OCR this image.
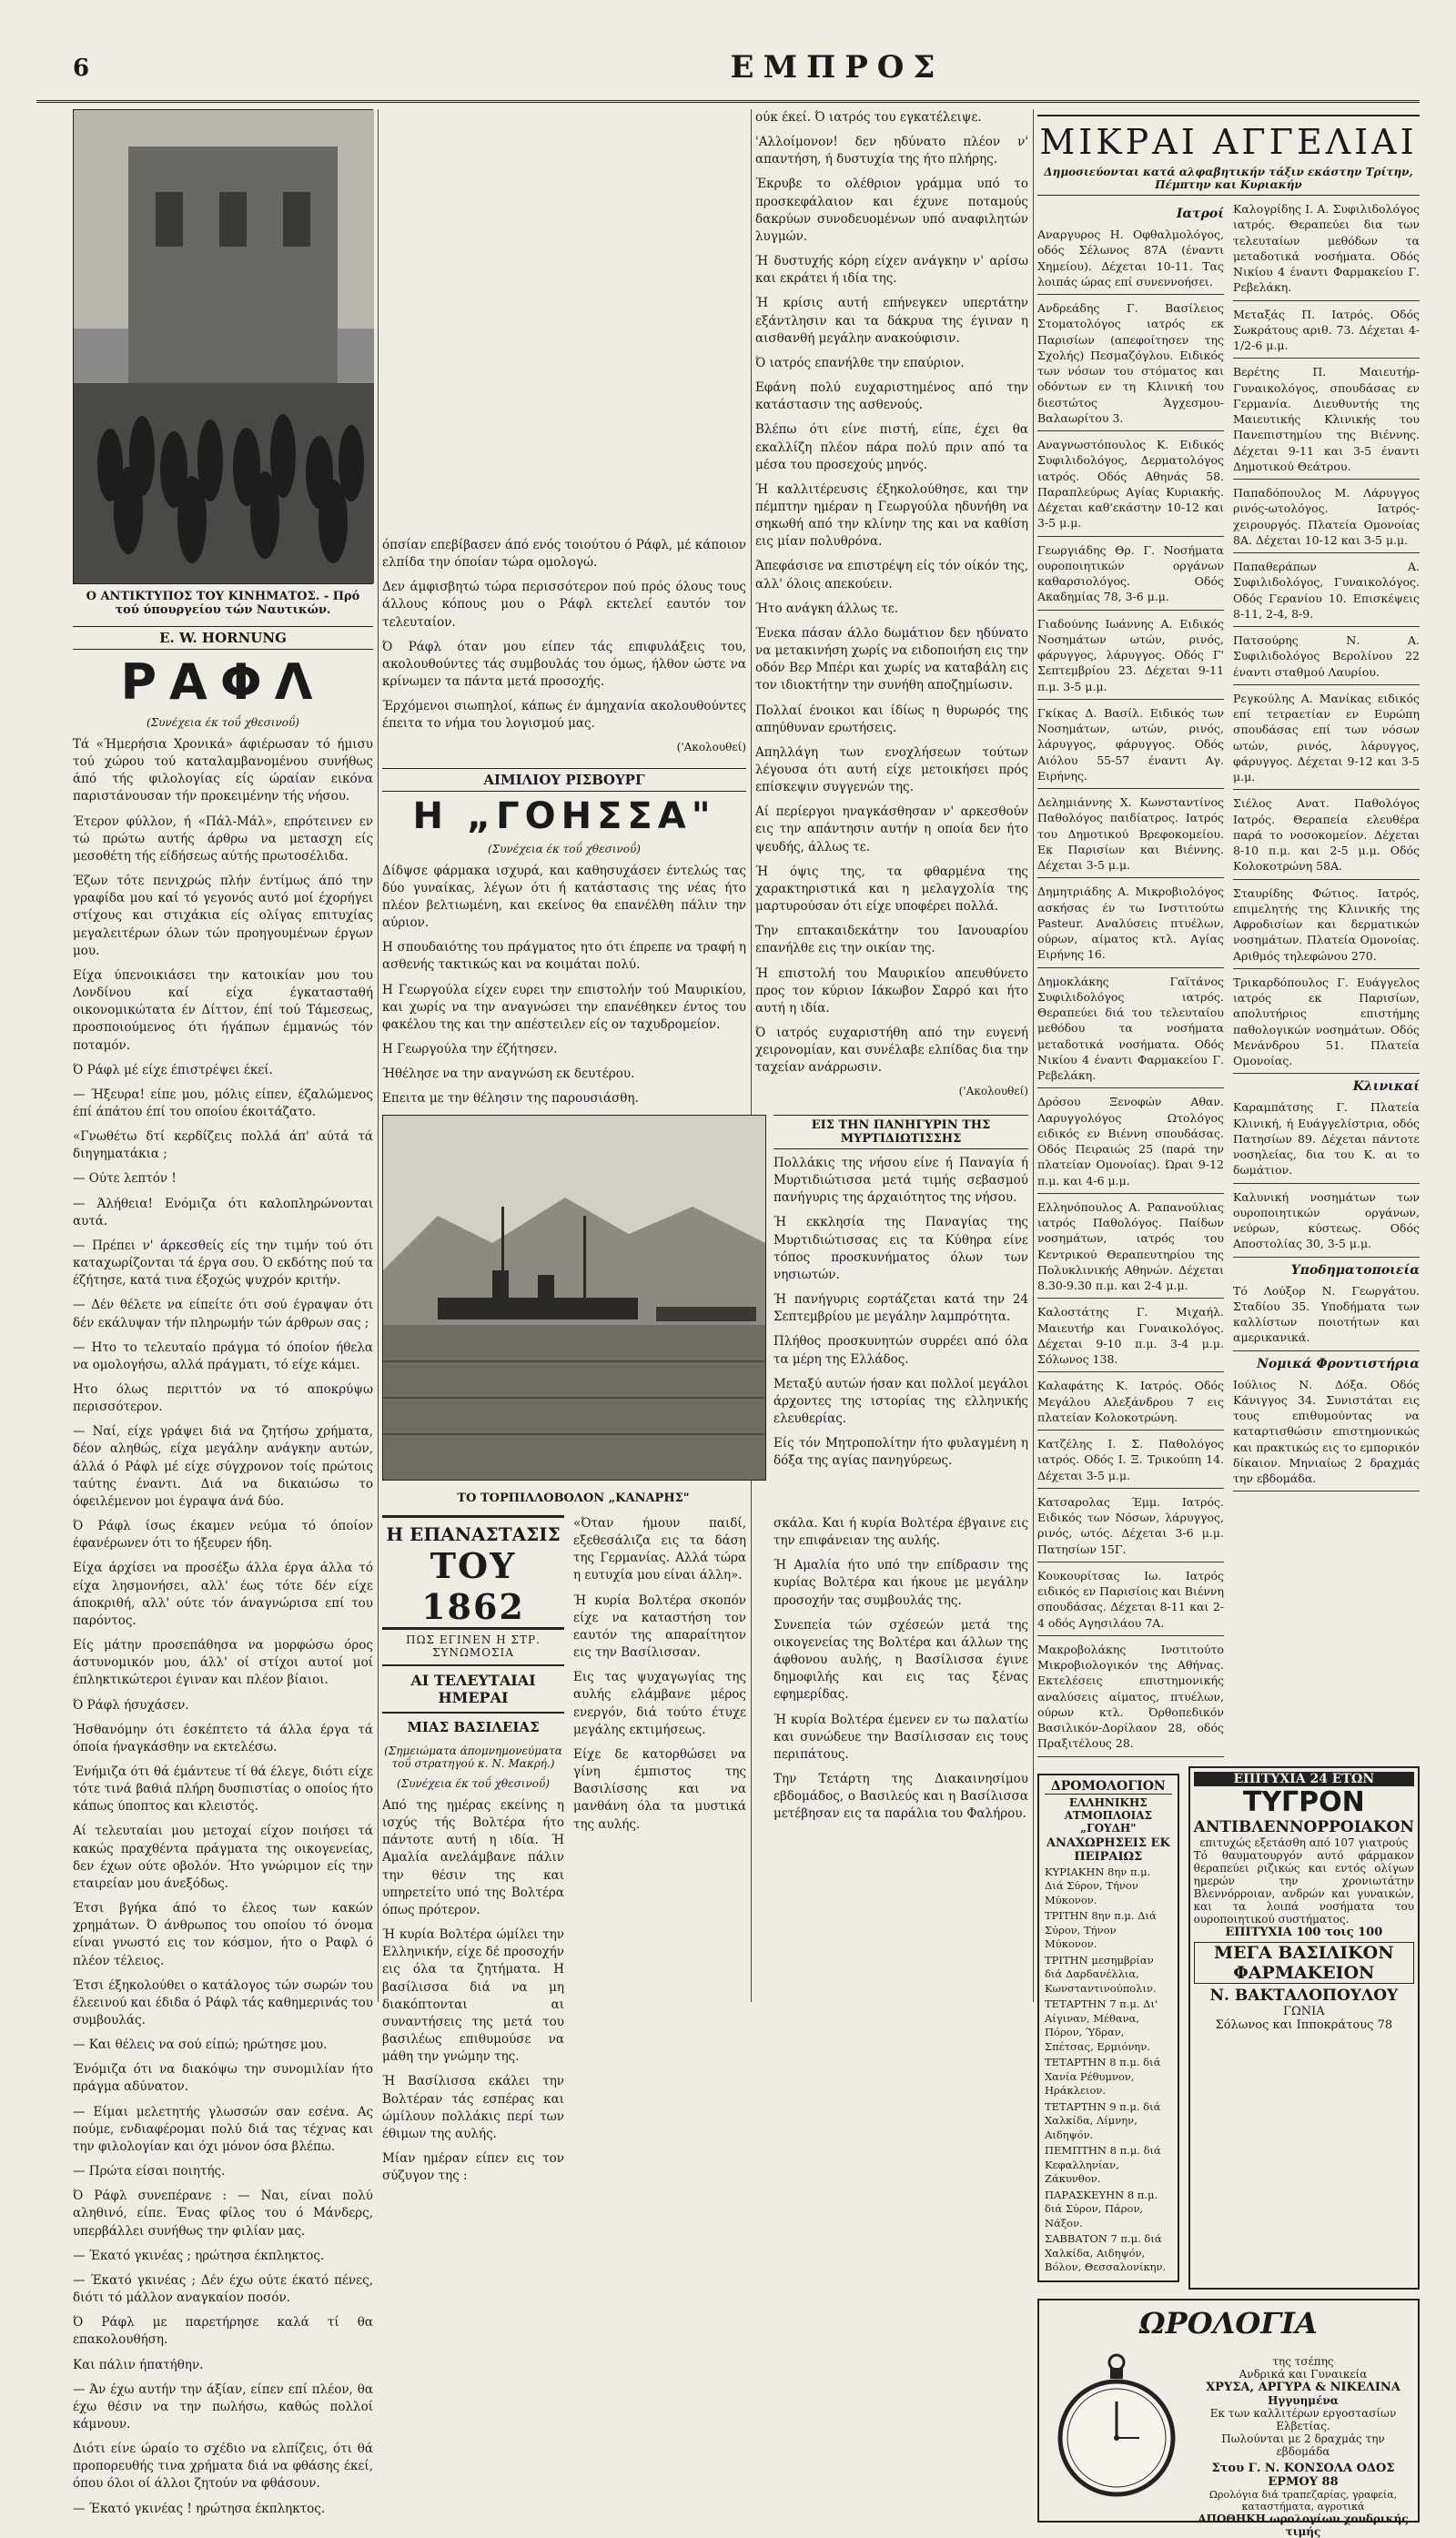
6	ΕΜΠΡΟΣ
Ο ΑΝΤΙΚΤΥΠΟΣ ΤΟΥ ΚΙΝΗΜΑΤΟΣ. - Πρό τού ύπουργείου τών Ναυτικών.
E. W. HORNUNG
ΡΑΦΛ
(Συνέχεια έκ τοΰ χθεσινοΰ)

Τά «Ήμερήσια Χρονικά» άφιέρωσαν τό ήμισυ τού χώρου τού καταλαμβανομένου συνήθως άπό τής φιλολογίας είς ώραίαν εικόνα παριστάνουσαν τήν προκειμένην τής νήσου.

Έτερον φύλλον, ή «Πάλ-Μάλ», επρότεινεν εν τώ πρώτω αυτής άρθρω να μετασχη είς μεσοθέτη τής είδήσεως αύτής πρωτοσέλιδα.

Έζων τότε πενιχρώς πλήν έντίμως άπό την γραφίδα μου καί τό γεγονός αυτό μοί έχορήγει στίχους και στιχάκια είς ολίγας επιτυχίας μεγαλειτέρων όλων τών προηγουμένων έργων μου.

Είχα ύπενοικιάσει την κατοικίαν μου του Λονδίνου καί είχα έγκατασταθή οικονομικώτατα έν Δίττον, έπί τού Τάμεσεως, προσποιούμενος ότι ήγάπων έμμανώς τόν ποταμόν.

Ό Ράφλ μέ είχε έπιστρέψει έκεί.

— Ήξευρα! είπε μου, μόλις είπεν, έζαλώμενος έπί άπάτου έπί του οποίου έκοιτάζατο.

«Γνωθέτω δτί κερδίζεις πολλά άπ' αύτά τά διηγηματάκια ;

— Ούτε λεπτόν !

— Άλήθεια! Ενόμιζα ότι καλοπληρώνονται αυτά.

— Πρέπει ν' άρκεσθείς είς την τιμήν τού ότι καταχωρίζονται τά έργα σου. Ό εκδότης πού τα έζήτησε, κατά τινα έξοχώς ψυχρόν κριτήν.

— Δέν θέλετε να είπείτε ότι σού έγραψαν ότι δέν εκάλυψαν τήν πληρωμήν τών άρθρων σας ;

— Ητο το τελευταίο πράγμα τό όποίον ήθελα να ομολογήσω, αλλά πράγματι, τό είχε κάμει.

Ητο όλως περιττόν να τό αποκρύψω περισσότερον.

— Ναί, είχε γράψει διά να ζητήσω χρήματα, δέον αληθώς, είχα μεγάλην ανάγκην αυτών, άλλά ό Ράφλ μέ είχε σύγχρονον τοίς πρώτοις ταύτης έναντι. Διά να δικαιώσω το όφειλέμενον μοι έγραψα άνά δύο.

Ό Ράφλ ίσως έκαμεν νεύμα τό όποίον έφανέρωνεν ότι το ήξευρεν ήδη.

Είχα άρχίσει να προσέξω άλλα έργα άλλα τό είχα λησμονήσει, αλλ' έως τότε δέν είχε άποκριθή, αλλ' ούτε τόν άναγνώρισα επί του παρόντος.

Είς μάτην προσεπάθησα να μορφώσω όρος άστυνομικόν μου, άλλ' οί στίχοι αυτοί μοί έπληκτικώτεροι έγιναν και πλέον βίαιοι.

Ό Ράφλ ήσυχάσεν.

Ήσθανόμην ότι έσκέπτετο τά άλλα έργα τά όποία ήναγκάσθην να εκτελέσω.

Ένήμιζα ότι θά έμάντευε τί θά έλεγε, διότι είχε τότε τινά βαθιά πλήρη δυσπιστίας ο οποίος ήτο κάπως ύποπτος και κλειστός.

Αί τελευταίαι μου μετοχαί είχον ποιήσει τά κακώς πραχθέντα πράγματα της οικογενείας, δεν έχων ούτε οβολόν. Ήτο γνώριμον είς την εταιρείαν μου άνεξόδως.

Έτσι βγήκα άπό το έλεος των κακών χρημάτων. Ό άνθρωπος του οποίου τό όνομα είναι γνωστό εις τον κόσμον, ήτο ο Ραφλ ό πλέον τέλειος.

Έτσι έξηκολούθει ο κατάλογος τών σωρών του έλεεινού και έδιδα ό Ράφλ τάς καθημερινάς του συμβουλάς.

— Και θέλεις να σού είπώ; ηρώτησε μου.

Ένόμιζα ότι να διακόψω την συνομιλίαν ήτο πράγμα αδύνατον.

— Είμαι μελετητής γλωσσών σαν εσένα. Ας πούμε, ενδιαφέρομαι πολύ διά τας τέχνας και την φιλολογίαν και όχι μόνον όσα βλέπω.

— Πρώτα είσαι ποιητής.

Ό Ράφλ συνεπέρανε : — Ναι, είναι πολύ αληθινό, είπε. Ένας φίλος του ό Μάνδερς, υπερβάλλει συνήθως την φιλίαν μας.

— Έκατό γκινέας ; ηρώτησα έκπληκτος.

— Έκατό γκινέας ; Δέν έχω ούτε έκατό πένες, διότι τό μάλλον αναγκαίον ποσόν.

Ό Ράφλ με παρετήρησε καλά τί θα επακολουθήση.

Και πάλιν ήπατήθην.

— Άν έχω αυτήν την άξίαν, είπεν επί πλέον, θα έχω θέσιν να την πωλήσω, καθώς πολλοί κάμνουν.

Διότι είνε ώραίο το σχέδιο να ελπίζεις, ότι θά προπορευθής τινα χρήματα διά να φθάσης έκεί, όπου όλοι οί άλλοι ζητούν να φθάσουν.

— Έκατό γκινέας ! ηρώτησα έκπληκτος.

όπσίαν επεβίβασεν άπό ενός τοιούτου ό Ράφλ, μέ κάποιον ελπίδα την όποίαν τώρα ομολογώ.

Δεν άμφισβητώ τώρα περισσότερον πού πρός όλους τους άλλους κόπους μου ο Ράφλ εκτελεί εαυτόν τον τελευταίον.

Ό Ράφλ όταν μου είπεν τάς επιφυλάξεις του, ακολουθούντες τάς συμβουλάς του όμως, ήλθον ώστε να κρίνωμεν τα πάντα μετά προσοχής.

Έρχόμενοι σιωπηλοί, κάπως έν άμηχανία ακολουθούντες έπειτα το νήμα του λογισμού μας.

('Ακολουθεί)
ΑΙΜΙΛΙΟΥ ΡΙΣΒΟΥΡΓ
Η „ΓΟΗΣΣΑ"
(Συνέχεια έκ τοΰ χθεσινοΰ)

Δίδψσε φάρμακα ισχυρά, και καθησυχάσεν έντελώς τας δύο γυναίκας, λέγων ότι ή κατάστασις της νέας ήτο πλέον βελτιωμένη, και εκείνος θα επανέλθη πάλιν την αύριον.

Η σπουδαιότης του πράγματος ητο ότι έπρεπε να τραφή η ασθενής τακτικώς και να κοιμάται πολύ.

Η Γεωργούλα είχεν ευρει την επιστολήν τού Μαυρικίου, και χωρίς να την αναγνώσει την επανέθηκεν έντος του φακέλου της και την απέστειλεν είς ον ταχυδρομείον.

Η Γεωργούλα την έζήτησεν.

Ήθέλησε να την αναγνώση εκ δευτέρου.

Επειτα με την θέλησιν της παρουσιάσθη.

ΤΟ ΤΟΡΠΙΛΛΟΒΟΛΟΝ „ΚΑΝΑΡΗΣ"
Η ΕΠΑΝΑΣΤΑΣΙΣ
ΤΟΥ 1862
ΠΩΣ ΕΓΙΝΕΝ Η ΣΤΡ. ΣΥΝΩΜΟΣΙΑ
ΑΙ ΤΕΛΕΥΤΑΙΑΙ ΗΜΕΡΑΙ
ΜΙΑΣ ΒΑΣΙΛΕΙΑΣ
(Σημειώματα άπομνημονεύματα τοΰ στρατηγού κ. Ν. Μακρή.)
(Συνέχεια έκ τοΰ χθεσινοΰ)

Από της ημέρας εκείνης η ισχύς τής Βολτέρα ήτο πάντοτε αυτή η ιδία. Ή Αμαλία ανελάμβανε πάλιν την θέσιν της και υπηρετείτο υπό της Βολτέρα όπως πρότερον.

Ή κυρία Βολτέρα ώμίλει την Ελληνικήν, είχε δέ προσοχήν εις όλα τα ζητήματα. Η βασίλισσα διά να μη διακόπτονται αι συναντήσεις της μετά του βασιλέως επιθυμούσε να μάθη την γνώμην της.

Ή Βασίλισσα εκάλει την Βολτέραν τάς εσπέρας και ώμίλουν πολλάκις περί των έθιμων της αυλής.

Μίαν ημέραν είπεν εις τον σύζυγον της :

«Όταν ήμουν παιδί, εξεθεσάλιζα εις τα δάση της Γερμανίας. Αλλά τώρα η ευτυχία μου είναι άλλη».

Ή κυρία Βολτέρα σκοπόν είχε να καταστήση τον εαυτόν της απαραίτητον εις την Βασίλισσαν.

Εις τας ψυχαγωγίας της αυλής ελάμβανε μέρος ενεργόν, διά τούτο έτυχε μεγάλης εκτιμήσεως.

Είχε δε κατορθώσει να γίνη έμπιστος της Βασιλίσσης και να μανθάνη όλα τα μυστικά της αυλής.

ούκ έκεί. Ό ιατρός του εγκατέλειψε.

'Αλλοίμονον! δεν ηδύνατο πλέον ν' απαντήση, ή δυστυχία της ήτο πλήρης.

Έκρυβε το ολέθριον γράμμα υπό το προσκεφάλαιον και έχυνε ποταμούς δακρύων συνοδευομένων υπό αναφιλητών λυγμών.

Ή δυστυχής κόρη είχεν ανάγκην ν' αρίσω και εκράτει ή ιδία της.

Ή κρίσις αυτή επήνεγκεν υπερτάτην εξάντλησιν και τα δάκρυα της έγιναν η αισθανθή μεγάλην ανακούφισιν.

Ό ιατρός επανήλθε την επαύριον.

Εφάνη πολύ ευχαριστημένος από την κατάστασιν της ασθενούς.

Βλέπω ότι είνε πιστή, είπε, έχει θα εκαλλίζη πλέον πάρα πολύ πριν από τα μέσα του προσεχούς μηνός.

Ή καλλιτέρευσις έξηκολούθησε, και την πέμπτην ημέραν η Γεωργούλα ηδυνήθη να σηκωθή από την κλίνην της και να καθίση εις μίαν πολυθρόνα.

Άπεφάσισε να επιστρέψη είς τόν οίκόν της, αλλ' όλοις απεκούειν.

Ήτο ανάγκη άλλως τε.

Ένεκα πάσαν άλλο δωμάτιον δεν ηδύνατο να μετακινήση χωρίς να ειδοποιήση εις την οδόν Βερ Μπέρι και χωρίς να καταβάλη εις τον ιδιοκτήτην την συνήθη αποζημίωσιν.

Πολλαί ένοικοι και ίδίως η θυρωρός της απηύθυναν ερωτήσεις.

Απηλλάγη των ενοχλήσεων τούτων λέγουσα ότι αυτή είχε μετοικήσει πρός επίσκεψιν συγγενών της.

Αί περίεργοι ηναγκάσθησαν ν' αρκεσθούν εις την απάντησιν αυτήν η οποία δεν ήτο ψευδής, άλλως τε.

Ή όψις της, τα φθαρμένα της χαρακτηριστικά και η μελαγχολία της μαρτυρούσαν ότι είχε υποφέρει πολλά.

Την επτακαιδεκάτην του Ιανουαρίου επανήλθε εις την οικίαν της.

Ή επιστολή του Μαυρικίου απευθύνετο προς τον κύριον Ιάκωβον Σαρρό και ήτο αυτή η ιδία.

Ό ιατρός ευχαριστήθη από την ευγενή χειρονομίαν, και συνέλαβε ελπίδας δια την ταχείαν ανάρρωσιν.

('Ακολουθεί)

σκάλα. Και ή κυρία Βολτέρα έβγαινε εις την επιφάνειαν της αυλής.

Ή Αμαλία ήτο υπό την επίδρασιν της κυρίας Βολτέρα και ήκουε με μεγάλην προσοχήν τας συμβουλάς της.

Συνεπεία τών σχέσεών μετά της οικογενείας της Βολτέρα και άλλων της άφθονου αυλής, η Βασίλισσα έγινε δημοφιλής και εις τας ξένας εφημερίδας.

Ή κυρία Βολτέρα έμενεν εν τω παλατίω και συνώδευε την Βασίλισσαν εις τους περιπάτους.

Την Τετάρτη της Διακαινησίμου εβδομάδος, ο Βασιλεύς και η Βασίλισσα μετέβησαν εις τα παράλια του Φαλήρου.

ΕΙΣ ΤΗΝ ΠΑΝΗΓΥΡΙΝ ΤΗΣ ΜΥΡΤΙΔΙΩΤΙΣΣΗΣ

Πολλάκις της νήσου είνε ή Παναγία ή Μυρτιδιώτισσα μετά τιμής σεβασμού πανήγυρις της άρχαιότητος της νήσου.

Ή εκκλησία της Παναγίας της Μυρτιδιώτισσας εις τα Κύθηρα είνε τόπος προσκυνήματος όλων των νησιωτών.

Ή πανήγυρις εορτάζεται κατά την 24 Σεπτεμβρίου με μεγάλην λαμπρότητα.

Πλήθος προσκυνητών συρρέει από όλα τα μέρη της Ελλάδος.

Μεταξύ αυτών ήσαν και πολλοί μεγάλοι άρχοντες της ιστορίας της ελληνικής ελευθερίας.

Είς τόν Μητροπολίτην ήτο φυλαγμένη η δόξα της αγίας πανηγύρεως.

ΜΙΚΡΑΙ ΑΓΓΕΛΙΑΙ
Δημοσιεύονται κατά αλφαβητικήν τάξιν εκάστην Τρίτην, Πέμπτην και Κυριακήν
Ιατροί
Αναργυρος Η. Οφθαλμολόγος, οδός Σέλωνος 87Α (έναντι Χημείου). Δέχεται 10-11. Τας λοιπάς ώρας επί συνεννοήσει.
Ανδρεάδης Γ. Βασίλειος Στοματολόγος ιατρός εκ Παρισίων (απεφοίτησεν της Σχολής) Πεσμαζόγλου. Ειδικός των νόσων του στόματος και οδόντων εν τη Κλινική του διεστώτος Άγχεσμου-Βαλαωρίτου 3.
Αναγνωστόπουλος Κ. Ειδικός Συφιλιδολόγος, Δερματολόγος ιατρός. Οδός Αθηνάς 58. Παραπλεύρως Αγίας Κυριακής. Δέχεται καθ'εκάστην 10-12 και 3-5 μ.μ.
Γεωργιάδης Θρ. Γ. Νοσήματα ουροποιητικών οργάνων καθαρσιολόγος. Οδός Ακαδημίας 78, 3-6 μ.μ.
Γιαδούνης Ιωάννης Α. Ειδικός Νοσημάτων ωτών, ρινός, φάρυγγος, λάρυγγος. Οδός Γ' Σεπτεμβρίου 23. Δέχεται 9-11 π.μ. 3-5 μ.μ.
Γκίκας Δ. Βασίλ. Ειδικός των Νοσημάτων, ωτών, ρινός, λάρυγγος, φάρυγγος. Οδός Αιόλου 55-57 έναντι Αγ. Ειρήνης.
Δελημιάννης Χ. Κωνσταντίνος Παθολόγος παιδίατρος. Ιατρός του Δημοτικού Βρεφοκομείου. Εκ Παρισίων και Βιέννης. Δέχεται 3-5 μ.μ.
Δημητριάδης Α. Μικροβιολόγος ασκήσας έν τω Ινστιτούτω Pasteur. Αναλύσεις πτυέλων, ούρων, αίματος κτλ. Αγίας Ειρήνης 16.
Δημοκλάκης Γαϊτάνος Συφιλιδολόγος ιατρός. Θεραπεύει διά του τελευταίου μεθόδου τα νοσήματα μεταδοτικά νοσήματα. Οδός Νικίου 4 έναντι Φαρμακείου Γ. Ρεβελάκη.
Δρόσου Ξενοφών Αθαν. Λαρυγγολόγος Ωτολόγος ειδικός εν Βιέννη σπουδάσας. Οδός Πειραιώς 25 (παρά την πλατείαν Ομονοίας). Ώραι 9-12 π.μ. και 4-6 μ.μ.
Ελληνόπουλος Α. Ραπανούλιας ιατρός Παθολόγος. Παίδων νοσημάτων, ιατρός του Κεντρικού Θεραπευτηρίου της Πολυκλινικής Αθηνών. Δέχεται 8.30-9.30 π.μ. και 2-4 μ.μ.
Καλοστάτης Γ. Μιχαήλ. Μαιευτήρ και Γυναικολόγος. Δέχεται 9-10 π.μ. 3-4 μ.μ. Σόλωνος 138.
Καλαφάτης Κ. Ιατρός. Οδός Μεγάλου Αλεξάνδρου 7 εις πλατείαν Κολοκοτρώνη.
Κατζέλης Ι. Σ. Παθολόγος ιατρός. Οδός Ι. Ξ. Τρικούπη 14. Δέχεται 3-5 μ.μ.
Κατσαρολας Έμμ. Ιατρός. Ειδικός των Νόσων, λάρυγγος, ρινός, ωτός. Δέχεται 3-6 μ.μ. Πατησίων 15Γ.
Κουκουρίτσας Ιω. Ιατρός ειδικός εν Παρισίοις και Βιέννη σπουδάσας. Δέχεται 8-11 και 2-4 οδός Αγησιλάου 7Α.
Μακροβολάκης Ινστιτούτο Μικροβιολογικόν της Αθήνας. Εκτελέσεις επιστημονικής αναλύσεις αίματος, πτυέλων, ούρων κτλ. Όρθοπεδικόν Βασιλικόν-Δορίλαον 28, οδός Πραξιτέλους 28.
Καλογρίδης Ι. Α. Συφιλιδολόγος ιατρός. Θεραπεύει δια των τελευταίων μεθόδων τα μεταδοτικά νοσήματα. Οδός Νικίου 4 έναντι Φαρμακείου Γ. Ρεβελάκη.
Μεταξάς Π. Ιατρός. Οδός Σωκράτους αριθ. 73. Δέχεται 4-1/2-6 μ.μ.
Βερέτης Π. Μαιευτήρ-Γυναικολόγος, σπουδάσας εν Γερμανία. Διευθυντής της Μαιευτικής Κλινικής του Πανεπιστημίου της Βιέννης. Δέχεται 9-11 και 3-5 έναντι Δημοτικού Θεάτρου.
Παπαδόπουλος Μ. Λάρυγγος ρινός-ωτολόγος. Ιατρός-χειρουργός. Πλατεία Ομονοίας 8Α. Δέχεται 10-12 και 3-5 μ.μ.
Παπαθεράπων Α. Συφιλιδολόγος, Γυναικολόγος. Οδός Γερανίου 10. Επισκέψεις 8-11, 2-4, 8-9.
Πατσούρης Ν. Α. Συφιλιδολόγος Βερολίνου 22 έναντι σταθμού Λαυρίου.
Ρεγκούλης Α. Μανίκας ειδικός επί τετραετίαν εν Ευρώπη σπουδάσας επί των νόσων ωτών, ρινός, λάρυγγος, φάρυγγος. Δέχεται 9-12 και 3-5 μ.μ.
Σιέλος Ανατ. Παθολόγος Ιατρός. Θεραπεία ελευθέρα παρά το νοσοκομείον. Δέχεται 8-10 π.μ. και 2-5 μ.μ. Οδός Κολοκοτρώνη 58Α.
Σταυρίδης Φώτιος. Ιατρός, επιμελητής της Κλινικής της Αφροδισίων και δερματικών νοσημάτων. Πλατεία Ομονοίας. Αριθμός τηλεφώνου 270.
Τρικαρδόπουλος Γ. Ευάγγελος ιατρός εκ Παρισίων, απολυτήριος επιστήμης παθολογικών νοσημάτων. Οδός Μενάνδρου 51. Πλατεία Ομονοίας.
Κλινικαί
Καραμπάτσης Γ. Πλατεία Κλινική, ή Ευάγγελίστρια, οδός Πατησίων 89. Δέχεται πάντοτε νοσηλείας, δια του Κ. αι το δωμάτιον.
Καλυνική νοσημάτων των ουροποιητικών οργάνων, νεύρων, κύστεως. Οδός Αποστολίας 30, 3-5 μ.μ.
Υποδηματοποιεία
Τό Λούξορ Ν. Γεωργάτου. Σταδίου 35. Υποδήματα των καλλίστων ποιοτήτων και αμερικανικά.
Νομικά Φροντιστήρια
Ιούλιος Ν. Δόξα. Οδός Κάνιγγος 34. Συνιστάται εις τους επιθυμούντας να καταρτισθώσιν επιστημονικώς και πρακτικώς εις το εμπορικόν δίκαιον. Μηνιαίως 2 δραχμάς την εβδομάδα.
ΔΡΟΜΟΛΟΓΙΟΝ
ΕΛΛΗΝΙΚΗΣ ΑΤΜΟΠΛΟΙΑΣ „ΓΟΥΔΗ"
ΑΝΑΧΩΡΗΣΕΙΣ ΕΚ ΠΕΙΡΑΙΩΣ
ΚΥΡΙΑΚΗΝ 8ην π.μ. Διά Σύρον, Τήνον Μύκονον.
ΤΡΙΤΗΝ 8ην π.μ. Διά Σύρον, Τήνον Μύκονον.
ΤΡΙΤΗΝ μεσημβρίαν διά Δαρδανέλλια, Κωνσταντινούπολιν.
ΤΕΤΑΡΤΗΝ 7 π.μ. Δι' Αίγιναν, Μέθανα, Πόρον, Ύδραν, Σπέτσας, Ερμιόνην.
ΤΕΤΑΡΤΗΝ 8 π.μ. διά Χανία Ρέθυμνον, Ηράκλειον.
ΤΕΤΑΡΤΗΝ 9 π.μ. διά Χαλκίδα, Λίμνην, Αιδηψόν.
ΠΕΜΠΤΗΝ 8 π.μ. διά Κεφαλληνίαν, Ζάκυνθον.
ΠΑΡΑΣΚΕΥΗΝ 8 π.μ. διά Σύρον, Πάρον, Νάξον.
ΣΑΒΒΑΤΟΝ 7 π.μ. διά Χαλκίδα, Αιδηψόν, Βόλον, Θεσσαλονίκην.
ΕΠΙΤΥΧΙΑ 24 ΕΤΩΝ
ΤΥΓΡΟΝ
ΑΝΤΙΒΛΕΝΝΟΡΡΟΙΑΚΟΝ
επιτυχώς εξετάσθη από 107 γιατρούς
Τό θαυματουργόν αυτό φάρμακον θεραπεύει ριζικώς και εντός ολίγων ημερών την χρονιωτάτην Βλεννόρροιαν, ανδρών και γυναικών, και τα λοιπά νοσήματα του ουροποιητικού συστήματος.
ΕΠΙΤΥΧΙΑ 100 τοις 100
ΜΕΓΑ ΒΑΣΙΛΙΚΟΝ ΦΑΡΜΑΚΕΙΟΝ
Ν. ΒΑΚΤΑΛΟΠΟΥΛΟΥ
ΓΩΝΙΑ
Σόλωνος και Ιπποκράτους 78
ΩΡΟΛΟΓΙΑ
της τσέπης
Ανδρικά και Γυναικεία
ΧΡΥΣΑ, ΑΡΓΥΡΑ & ΝΙΚΕΛΙΝΑ
Ηγγυημένα
Εκ των καλλιτέρων εργοστασίων Ελβετίας.
Πωλούνται με 2 δραχμάς την εβδομάδα
Στου Γ. Ν. ΚΟΝΣΟΛΑ ΟΔΟΣ ΕΡΜΟΥ 88
Ωρολόγια διά τραπεζαρίας, γραφεία, καταστήματα, αγροτικά
ΑΠΟΘΗΚΗ ωρολογίων χονδρικής τιμής
